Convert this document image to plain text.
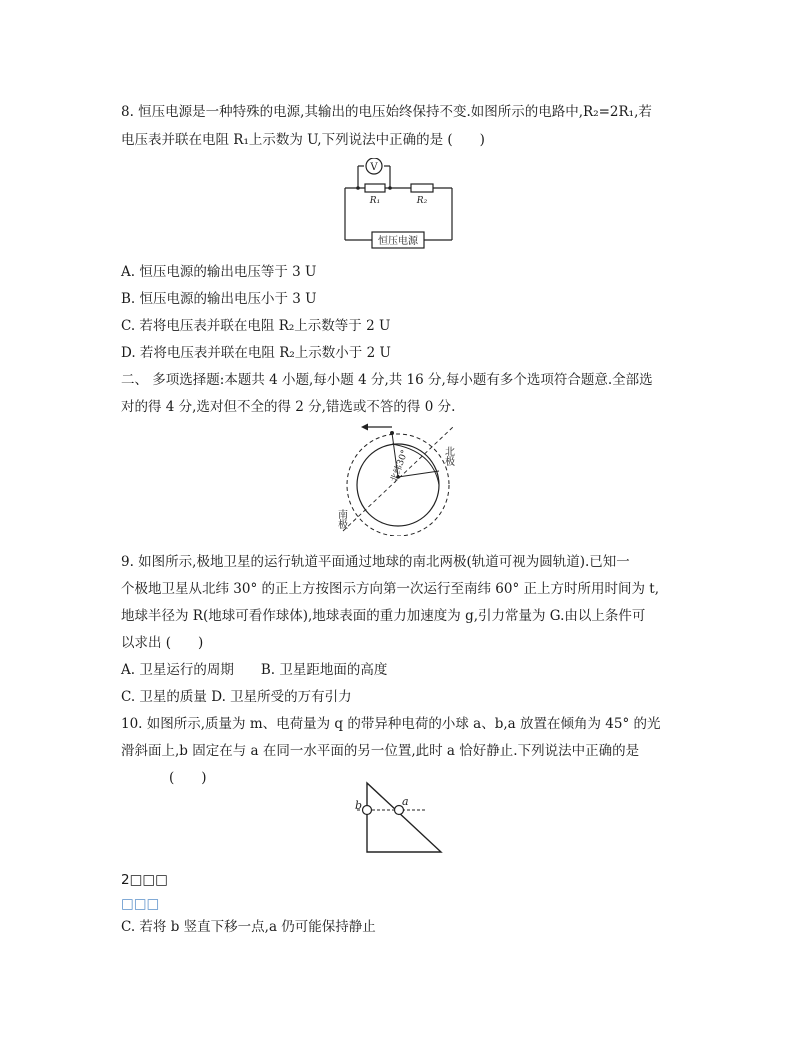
8. 恒压电源是一种特殊的电源,其输出的电压始终保持不变.如图所示的电路中,R₂=2R₁,若
电压表并联在电阻 R₁上示数为 U,下列说法中正确的是 (　　)
V
R₁	R₂
恒压电源
A. 恒压电源的输出电压等于 3 U
B. 恒压电源的输出电压小于 3 U
C. 若将电压表并联在电阻 R₂上示数等于 2 U
D. 若将电压表并联在电阻 R₂上示数小于 2 U
二、 多项选择题:本题共 4 小题,每小题 4 分,共 16 分,每小题有多个选项符合题意.全部选
对的得 4 分,选对但不全的得 2 分,错选或不答的得 0 分.
北极
南极
北纬30°
9. 如图所示,极地卫星的运行轨道平面通过地球的南北两极(轨道可视为圆轨道).已知一
个极地卫星从北纬 30° 的正上方按图示方向第一次运行至南纬 60° 正上方时所用时间为 t,
地球半径为 R(地球可看作球体),地球表面的重力加速度为 g,引力常量为 G.由以上条件可
以求出 (　　)
A. 卫星运行的周期　　B. 卫星距地面的高度
C. 卫星的质量 D. 卫星所受的万有引力
10. 如图所示,质量为 m、电荷量为 q 的带异种电荷的小球 a、b,a 放置在倾角为 45° 的光
滑斜面上,b 固定在与 a 在同一水平面的另一位置,此时 a 恰好静止.下列说法中正确的是
(　　)
b	a
2□□□
□□□
C. 若将 b 竖直下移一点,a 仍可能保持静止
